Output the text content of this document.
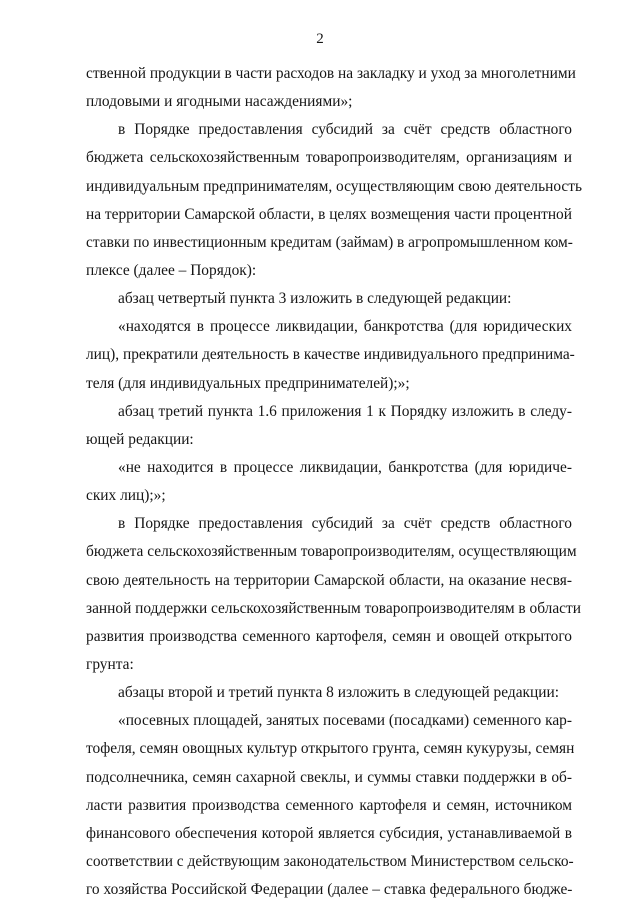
2
ственной продукции в части расходов на закладку и уход за многолетними
плодовыми и ягодными насаждениями»;
в Порядке предоставления субсидий за счёт средств областного
бюджета сельскохозяйственным товаропроизводителям, организациям и
индивидуальным предпринимателям, осуществляющим свою деятельность
на территории Самарской области, в целях возмещения части процентной
ставки по инвестиционным кредитам (займам) в агропромышленном ком-
плексе (далее – Порядок):
абзац четвертый пункта 3 изложить в следующей редакции:
«находятся в процессе ликвидации, банкротства (для юридических
лиц), прекратили деятельность в качестве индивидуального предпринима-
теля (для индивидуальных предпринимателей);»;
абзац третий пункта 1.6 приложения 1 к Порядку изложить в следу-
ющей редакции:
«не находится в процессе ликвидации, банкротства (для юридиче-
ских лиц);»;
в Порядке предоставления субсидий за счёт средств областного
бюджета сельскохозяйственным товаропроизводителям, осуществляющим
свою деятельность на территории Самарской области, на оказание несвя-
занной поддержки сельскохозяйственным товаропроизводителям в области
развития производства семенного картофеля, семян и овощей открытого
грунта:
абзацы второй и третий пункта 8 изложить в следующей редакции:
«посевных площадей, занятых посевами (посадками) семенного кар-
тофеля, семян овощных культур открытого грунта, семян кукурузы, семян
подсолнечника, семян сахарной свеклы, и суммы ставки поддержки в об-
ласти развития производства семенного картофеля и семян, источником
финансового обеспечения которой является субсидия, устанавливаемой в
соответствии с действующим законодательством Министерством сельско-
го хозяйства Российской Федерации (далее – ставка федерального бюдже-
